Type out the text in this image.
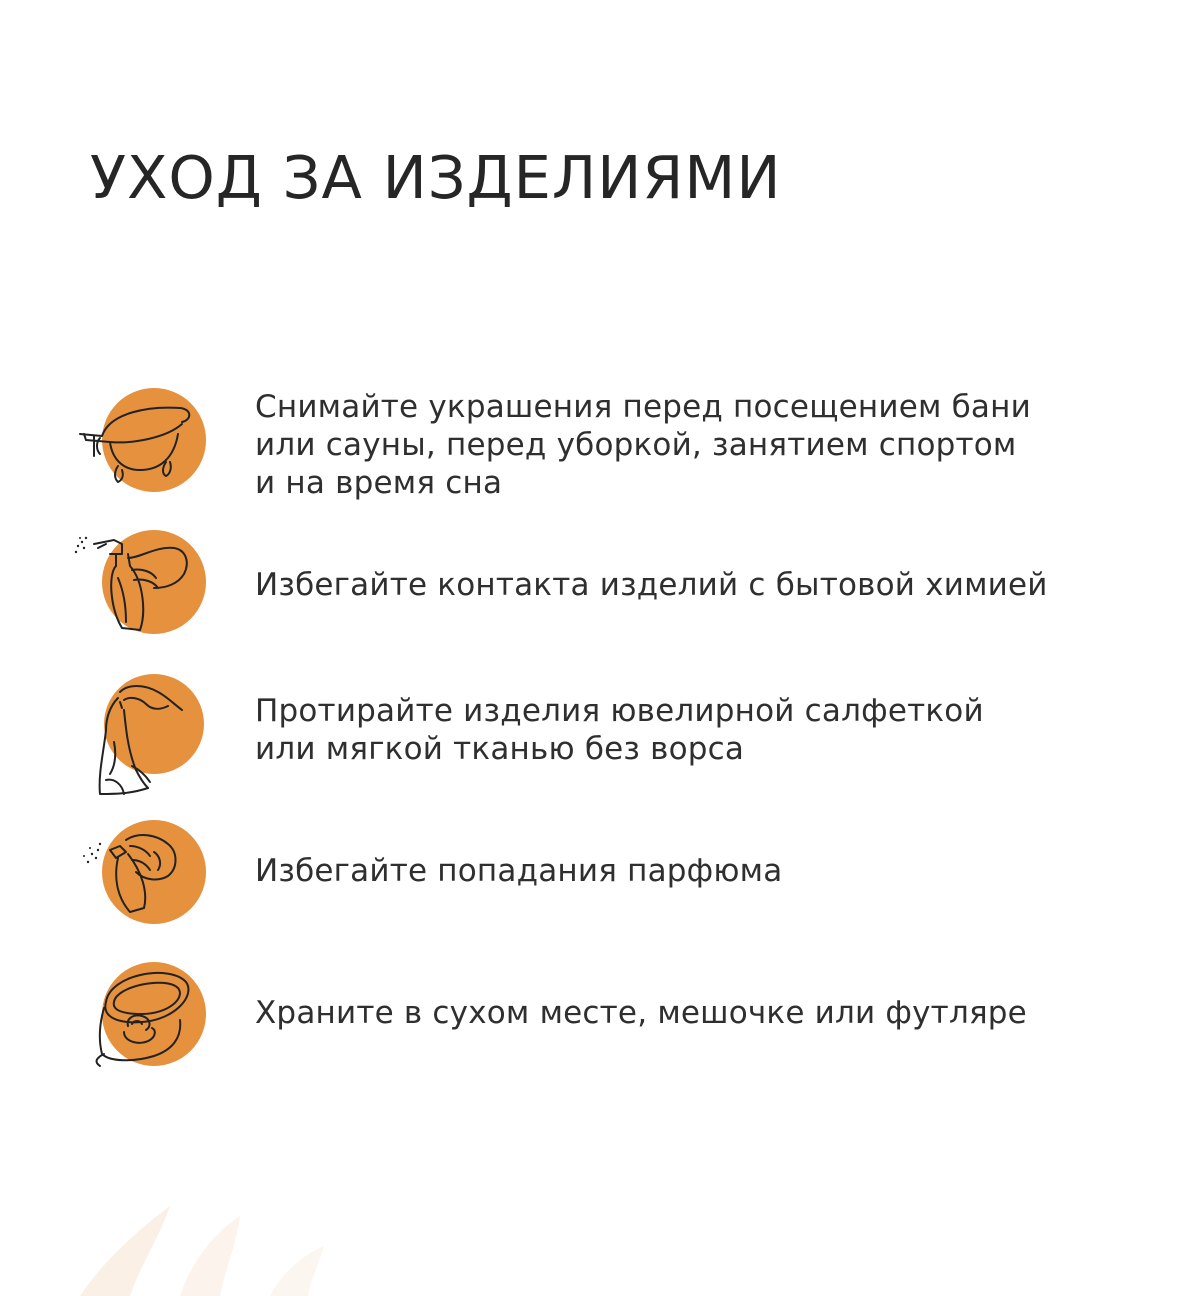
УХОД ЗА ИЗДЕЛИЯМИ

Снимайте украшения перед посещением бани
или сауны, перед уборкой, занятием спортом
и на время сна

Избегайте контакта изделий с бытовой химией

Протирайте изделия ювелирной салфеткой
или мягкой тканью без ворса

Избегайте попадания парфюма

Храните в сухом месте, мешочке или футляре
